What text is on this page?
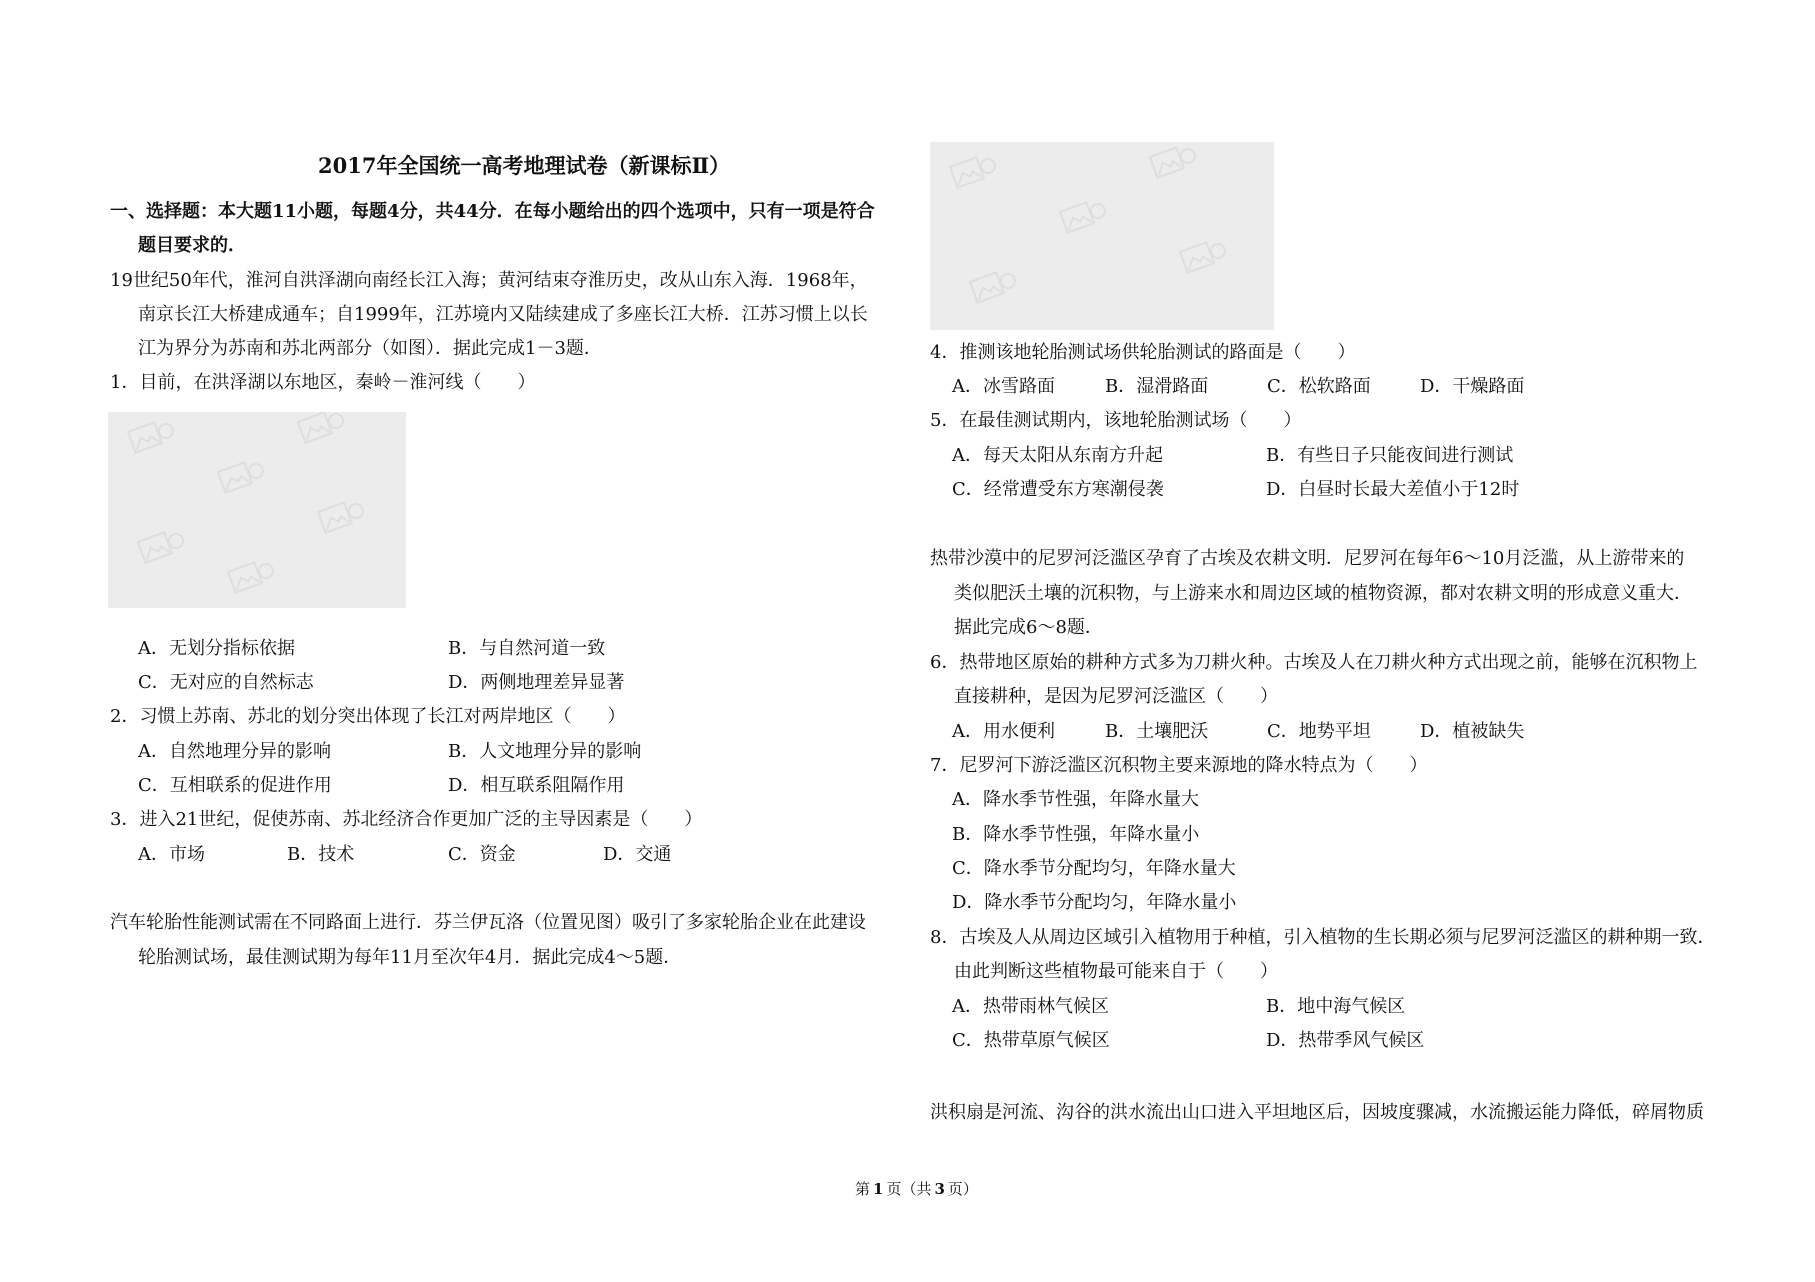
2017年全国统一高考地理试卷（新课标Ⅱ）
一、选择题：本大题11小题，每题4分，共44分．在每小题给出的四个选项中，只有一项是符合
题目要求的．
19世纪50年代，淮河自洪泽湖向南经长江入海；黄河结束夺淮历史，改从山东入海．1968年，
南京长江大桥建成通车；自1999年，江苏境内又陆续建成了多座长江大桥．江苏习惯上以长
江为界分为苏南和苏北两部分（如图）．据此完成1－3题．
1．目前，在洪泽湖以东地区，秦岭－淮河线（　　）
A．无划分指标依据	B．与自然河道一致
C．无对应的自然标志	D．两侧地理差异显著
2．习惯上苏南、苏北的划分突出体现了长江对两岸地区（　　）
A．自然地理分异的影响	B．人文地理分异的影响
C．互相联系的促进作用	D．相互联系阻隔作用
3．进入21世纪，促使苏南、苏北经济合作更加广泛的主导因素是（　　）
A．市场	B．技术	C．资金	D．交通
汽车轮胎性能测试需在不同路面上进行．芬兰伊瓦洛（位置见图）吸引了多家轮胎企业在此建设
轮胎测试场，最佳测试期为每年11月至次年4月．据此完成4～5题．
4．推测该地轮胎测试场供轮胎测试的路面是（　　）
A．冰雪路面	B．湿滑路面	C．松软路面	D．干燥路面
5．在最佳测试期内，该地轮胎测试场（　　）
A．每天太阳从东南方升起	B．有些日子只能夜间进行测试
C．经常遭受东方寒潮侵袭	D．白昼时长最大差值小于12时
热带沙漠中的尼罗河泛滥区孕育了古埃及农耕文明．尼罗河在每年6～10月泛滥，从上游带来的
类似肥沃土壤的沉积物，与上游来水和周边区域的植物资源，都对农耕文明的形成意义重大．
据此完成6～8题．
6．热带地区原始的耕种方式多为刀耕火种。古埃及人在刀耕火种方式出现之前，能够在沉积物上
直接耕种，是因为尼罗河泛滥区（　　）
A．用水便利	B．土壤肥沃	C．地势平坦	D．植被缺失
7．尼罗河下游泛滥区沉积物主要来源地的降水特点为（　　）
A．降水季节性强，年降水量大
B．降水季节性强，年降水量小
C．降水季节分配均匀，年降水量大
D．降水季节分配均匀，年降水量小
8．古埃及人从周边区域引入植物用于种植，引入植物的生长期必须与尼罗河泛滥区的耕种期一致．
由此判断这些植物最可能来自于（　　）
A．热带雨林气候区	B．地中海气候区
C．热带草原气候区	D．热带季风气候区
洪积扇是河流、沟谷的洪水流出山口进入平坦地区后，因坡度骤减，水流搬运能力降低，碎屑物质
第 1 页（共 3 页）
